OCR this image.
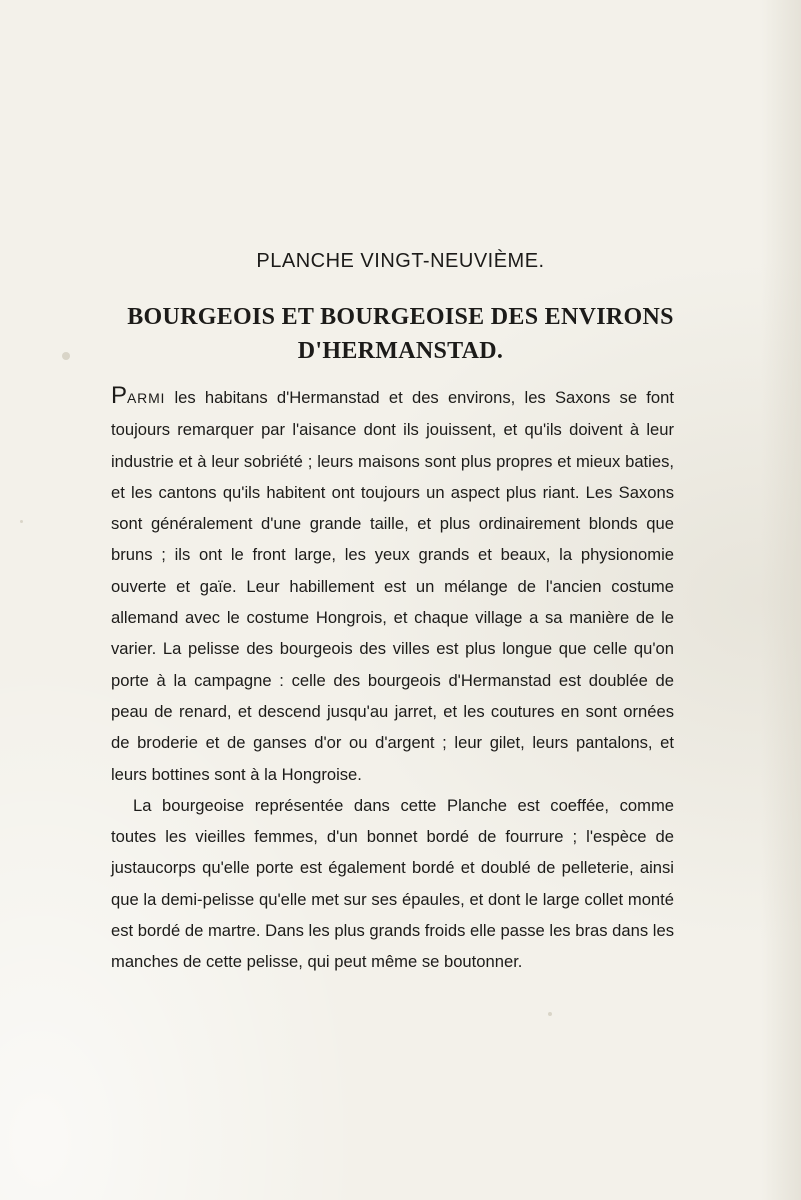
PLANCHE VINGT-NEUVIÈME.
BOURGEOIS ET BOURGEOISE DES ENVIRONS
D'HERMANSTAD.

PARMI les habitans d'Hermanstad et des environs, les Saxons se font toujours remarquer par l'aisance dont ils jouissent, et qu'ils doivent à leur industrie et à leur sobriété ; leurs maisons sont plus propres et mieux baties, et les cantons qu'ils habitent ont toujours un aspect plus riant. Les Saxons sont généralement d'une grande taille, et plus ordinairement blonds que bruns ; ils ont le front large, les yeux grands et beaux, la physionomie ouverte et gaïe. Leur habillement est un mélange de l'ancien costume allemand avec le costume Hongrois, et chaque village a sa manière de le varier. La pelisse des bourgeois des villes est plus longue que celle qu'on porte à la campagne : celle des bourgeois d'Hermanstad est doublée de peau de renard, et descend jusqu'au jarret, et les coutures en sont ornées de broderie et de ganses d'or ou d'argent ; leur gilet, leurs pantalons, et leurs bottines sont à la Hongroise.

La bourgeoise représentée dans cette Planche est coeffée, comme toutes les vieilles femmes, d'un bonnet bordé de fourrure ; l'espèce de justaucorps qu'elle porte est également bordé et doublé de pelleterie, ainsi que la demi-pelisse qu'elle met sur ses épaules, et dont le large collet monté est bordé de martre. Dans les plus grands froids elle passe les bras dans les manches de cette pelisse, qui peut même se boutonner.
